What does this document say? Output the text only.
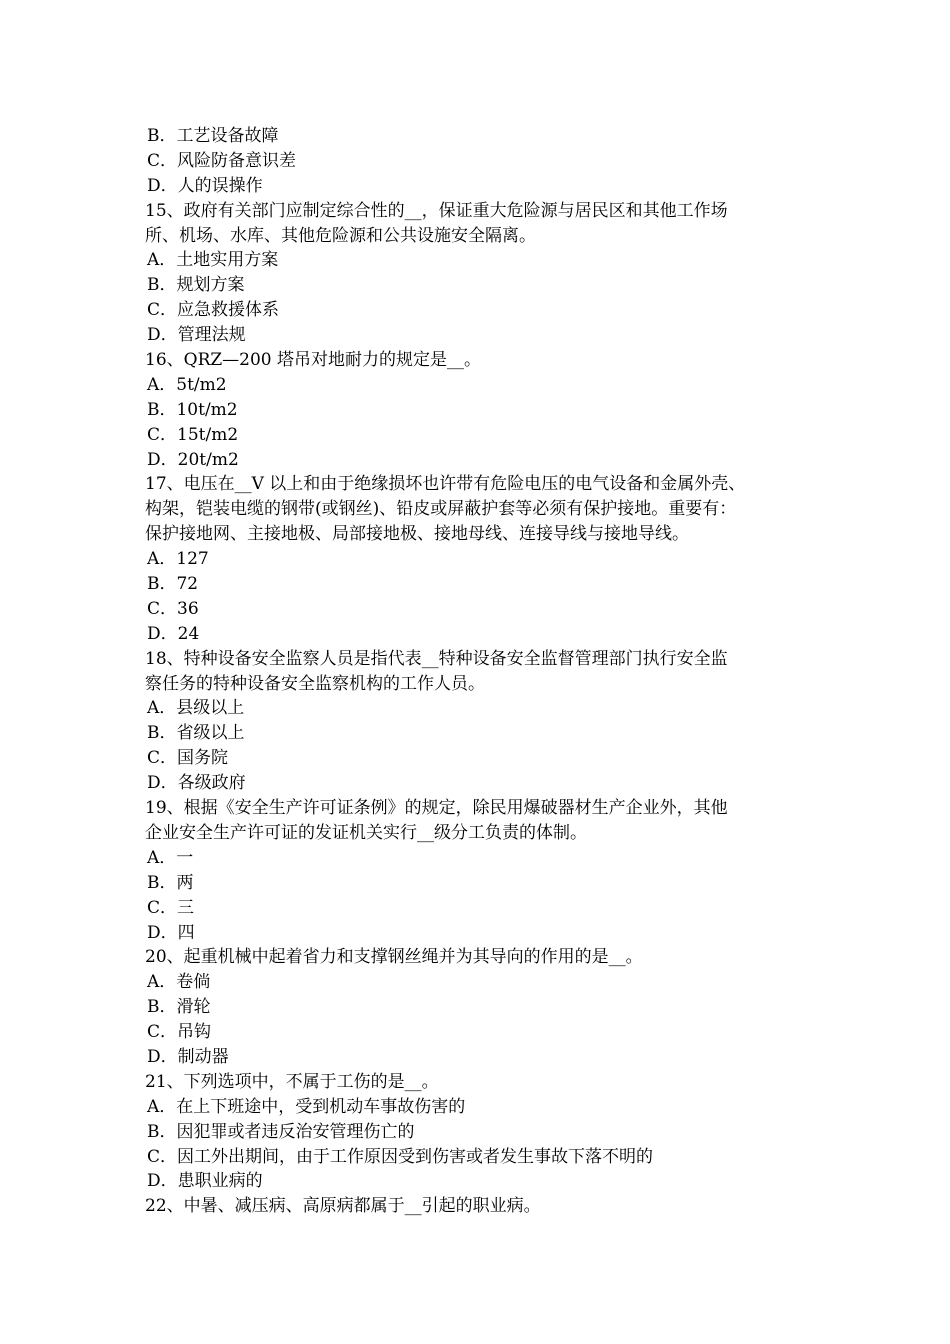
B．工艺设备故障
C．风险防备意识差
D．人的误操作
15、政府有关部门应制定综合性的__，保证重大危险源与居民区和其他工作场
所、机场、水库、其他危险源和公共设施安全隔离。
A．土地实用方案
B．规划方案
C．应急救援体系
D．管理法规
16、QRZ—200 塔吊对地耐力的规定是__。
A．5t/m2
B．10t/m2
C．15t/m2
D．20t/m2
17、电压在__V 以上和由于绝缘损坏也许带有危险电压的电气设备和金属外壳、
构架，铠装电缆的钢带(或钢丝)、铅皮或屏蔽护套等必须有保护接地。重要有：
保护接地网、主接地极、局部接地极、接地母线、连接导线与接地导线。
A．127
B．72
C．36
D．24
18、特种设备安全监察人员是指代表__特种设备安全监督管理部门执行安全监
察任务的特种设备安全监察机构的工作人员。
A．县级以上
B．省级以上
C．国务院
D．各级政府
19、根据《安全生产许可证条例》的规定，除民用爆破器材生产企业外，其他
企业安全生产许可证的发证机关实行__级分工负责的体制。
A．一
B．两
C．三
D．四
20、起重机械中起着省力和支撑钢丝绳并为其导向的作用的是__。
A．卷倘
B．滑轮
C．吊钩
D．制动器
21、下列选项中，不属于工伤的是__。
A．在上下班途中，受到机动车事故伤害的
B．因犯罪或者违反治安管理伤亡的
C．因工外出期间，由于工作原因受到伤害或者发生事故下落不明的
D．患职业病的
22、中暑、减压病、高原病都属于__引起的职业病。
